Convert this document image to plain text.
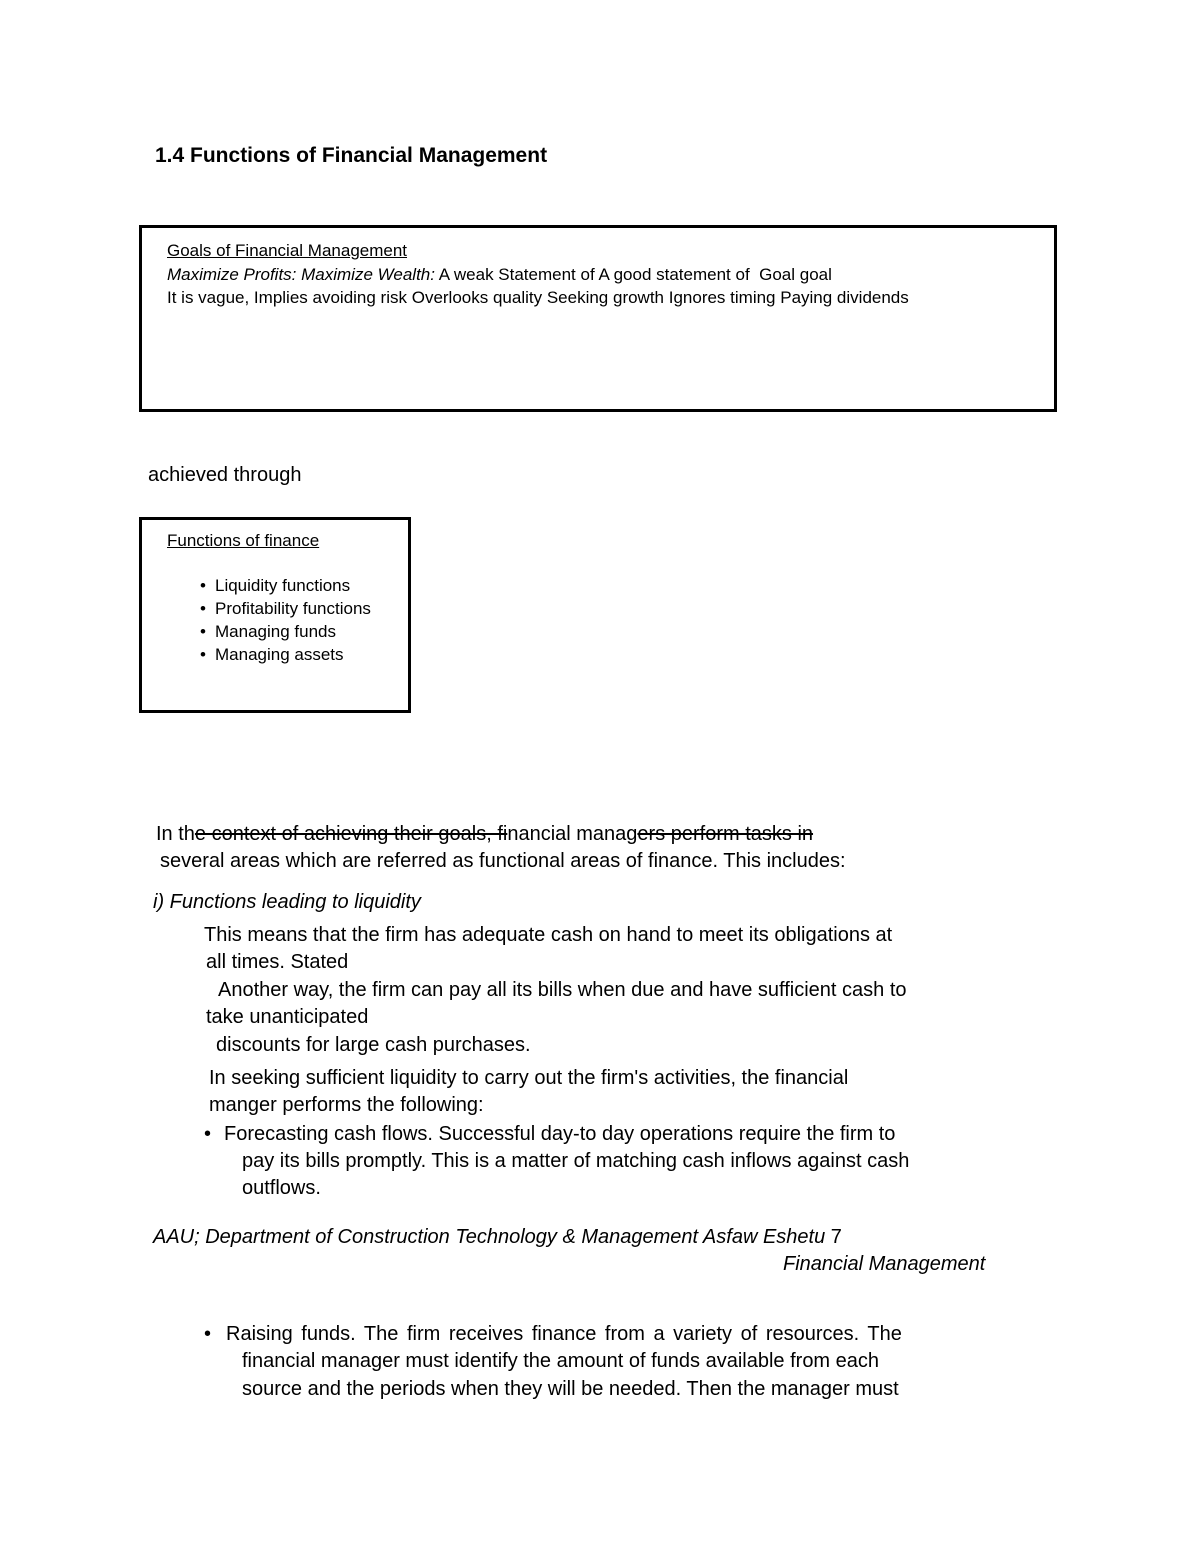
1.4 Functions of Financial Management
Goals of Financial Management
Maximize Profits: Maximize Wealth: A weak Statement of A good statement of  Goal goal
It is vague, Implies avoiding risk Overlooks quality Seeking growth Ignores timing Paying dividends
achieved through
Functions of finance
• Liquidity functions
• Profitability functions
• Managing funds
• Managing assets
In the context of achieving their goals, financial managers perform tasks in
several areas which are referred as functional areas of finance. This includes:
i) Functions leading to liquidity
This means that the firm has adequate cash on hand to meet its obligations at
all times. Stated
Another way, the firm can pay all its bills when due and have sufficient cash to
take unanticipated
discounts for large cash purchases.
In seeking sufficient liquidity to carry out the firm's activities, the financial
manger performs the following:
• Forecasting cash flows. Successful day-to day operations require the firm to
pay its bills promptly. This is a matter of matching cash inflows against cash
outflows.
AAU; Department of Construction Technology & Management Asfaw Eshetu 7
Financial Management
• Raising funds. The firm receives finance from a variety of resources. The
financial manager must identify the amount of funds available from each
source and the periods when they will be needed. Then the manager must
